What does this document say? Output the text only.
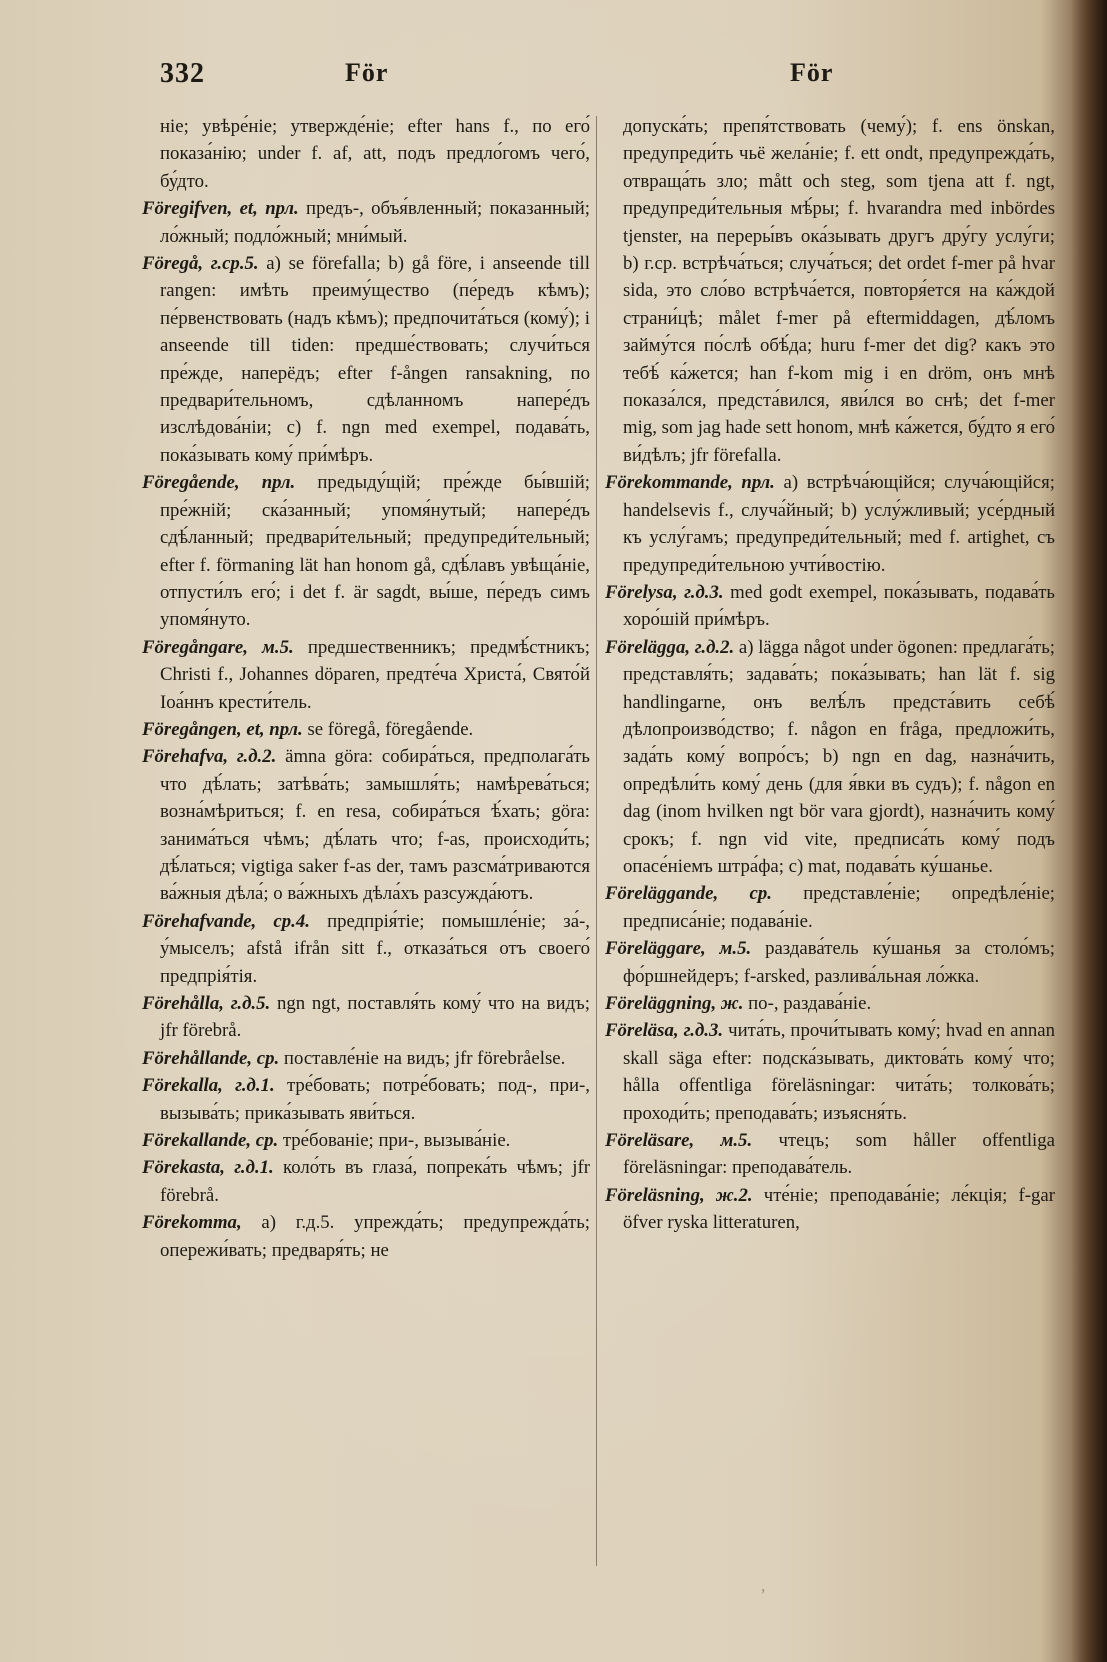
332	För	För

ніе; увѣре́ніе; утвержде́ніе; efter hans f., по его́ показа́нію; under f. af, att, подъ предло́гомъ чего́, бу́дто.

Föregifven, et, прл. предъ-, объя́вленный; показанный; ло́жный; подло́жный; мни́мый.

Föregå, г.ср.5. а) se förefalla; b) gå före, i anseende till rangen: имѣть преиму́щество (пе́редъ кѣмъ); пе́рвенствовать (надъ кѣмъ); предпочита́ться (кому́); i anseende till tiden: предше́ствовать; случи́ться пре́жде, наперёдъ; efter f-ången ransakning, по предвари́тельномъ, сдѣланномъ напере́дъ изслѣдова́ніи; c) f. ngn med exempel, подава́ть, пока́зывать кому́ при́мѣръ.

Föregående, прл. предыду́щій; пре́жде бы́вшій; пре́жній; ска́занный; упомя́нутый; напере́дъ сдѣ́ланный; предвари́тельный; предупреди́тельный; efter f. förmaning lät han honom gå, сдѣ́лавъ увѣща́ніе, отпусти́лъ его́; i det f. är sagdt, вы́ше, пе́редъ симъ упомя́нуто.

Föregångare, м.5. предшественникъ; предмѣ́стникъ; Christi f., Johannes döparen, предте́ча Христа́, Свято́й Іоа́ннъ крести́тель.

Föregången, et, прл. se föregå, föregående.

Förehafva, г.д.2. ämna göra: собира́ться, предполага́ть что дѣ́лать; затѣва́ть; замышля́ть; намѣрева́ться; возна́мѣриться; f. en resa, собира́ться ѣ́хать; göra: занима́ться чѣмъ; дѣ́лать что; f-as, происходи́ть; дѣ́латься; vigtiga saker f-as der, тамъ разсма́триваются ва́жныя дѣла́; о ва́жныхъ дѣла́хъ разсужда́ютъ.

Förehafvande, ср.4. предпрія́тіе; помышле́ніе; за́-, у́мыселъ; afstå ifrån sitt f., отказа́ться отъ своего́ предпрія́тія.

Förehålla, г.д.5. ngn ngt, поставля́ть кому́ что на видъ; jfr förebrå.

Förehållande, ср. поставле́ніе на видъ; jfr förebråelse.

Förekalla, г.д.1. тре́бовать; потре́бовать; под-, при-, вызыва́ть; прика́зывать яви́ться.

Förekallande, ср. тре́бованіе; при-, вызыва́ніе.

Förekasta, г.д.1. коло́ть въ глаза́, попрека́ть чѣмъ; jfr förebrå.

Förekomma, а) г.д.5. упрежда́ть; предупрежда́ть; опережи́вать; предваря́ть; не

допуска́ть; препя́тствовать (чему́); f. ens önskan, предупреди́ть чьё жела́ніе; f. ett ondt, предупрежда́ть, отвраща́ть зло; mått och steg, som tjena att f. ngt, предупреди́тельныя мѣ́ры; f. hvarandra med inbördes tjenster, на переры́въ ока́зывать другъ дру́гу услу́ги; b) г.ср. встрѣча́ться; случа́ться; det ordet f-mer på hvar sida, это сло́во встрѣча́ется, повторя́ется на ка́ждой страни́цѣ; målet f-mer på eftermiddagen, дѣ́ломъ займу́тся по́слѣ обѣ́да; huru f-mer det dig? какъ это тебѣ́ ка́жется; han f-kom mig i en dröm, онъ мнѣ показа́лся, предста́вился, яви́лся во снѣ; det f-mer mig, som jag hade sett honom, мнѣ ка́жется, бу́дто я его́ ви́дѣлъ; jfr förefalla.

Förekommande, прл. а) встрѣча́ющійся; случа́ющійся; handelsevis f., случа́йный; b) услу́жливый; усе́рдный къ услу́гамъ; предупреди́тельный; med f. artighet, съ предупреди́тельною учти́востію.

Förelysa, г.д.3. med godt exempel, пока́зывать, подава́ть хоро́шій при́мѣръ.

Förelägga, г.д.2. а) lägga något under ögonen: предлага́ть; представля́ть; задава́ть; пока́зывать; han lät f. sig handlingarne, онъ велѣ́лъ предста́вить себѣ́ дѣлопроизво́дство; f. någon en fråga, предложи́ть, зада́ть кому́ вопро́съ; b) ngn en dag, назна́чить, опредѣли́ть кому́ день (для я́вки въ судъ); f. någon en dag (inom hvilken ngt bör vara gjordt), назна́чить кому́ срокъ; f. ngn vid vite, предписа́ть кому́ подъ опасе́ніемъ штра́фа; c) mat, подава́ть ку́шанье.

Föreläggande, ср. представле́ніе; опредѣле́ніе; предписа́ніе; подава́ніе.

Föreläggare, м.5. раздава́тель ку́шанья за столо́мъ; фо́ршнейдеръ; f-arsked, разлива́льная ло́жка.

Föreläggning, ж. по-, раздава́ніе.

Föreläsa, г.д.3. чита́ть, прочи́тывать кому́; hvad en annan skall säga efter: подска́зывать, диктова́ть кому́ что; hålla offentliga föreläsningar: чита́ть; толкова́ть; проходи́ть; преподава́ть; изъясня́ть.

Föreläsare, м.5. чтецъ; som håller offentliga föreläsningar: преподава́тель.

Föreläsning, ж.2. чте́ніе; преподава́ніе; ле́кція; f-gar öfver ryska litteraturen,

ʼ
